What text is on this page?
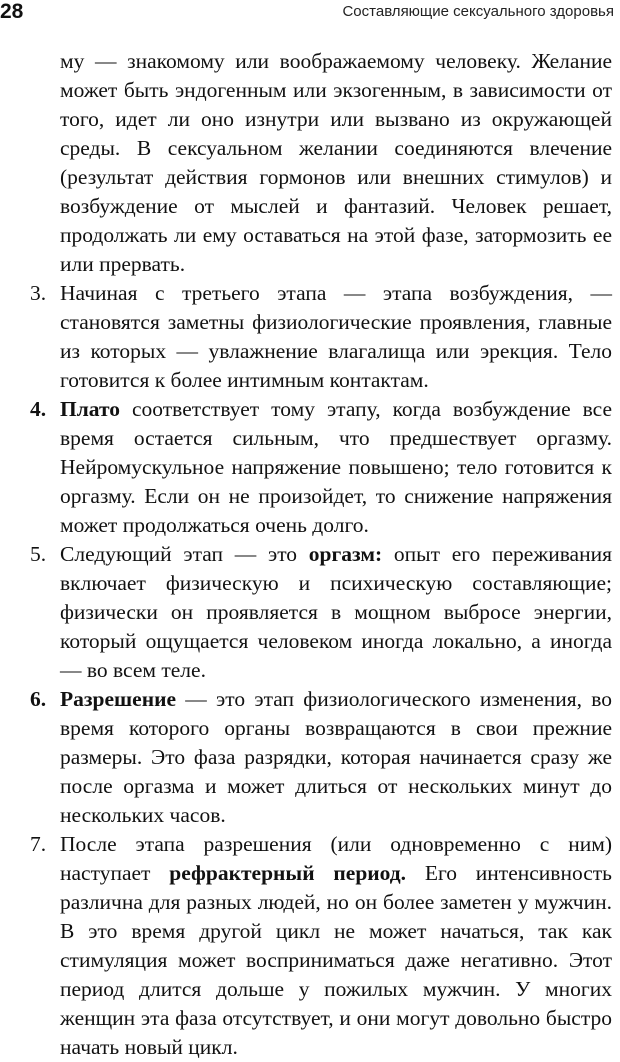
28	Составляющие сексуального здоровья

му — знакомому или воображаемому человеку. Желание может быть эндогенным или экзогенным, в зависимости от того, идет ли оно изнутри или вызвано из окружающей среды. В сексуальном желании соединяются влечение (результат действия гормонов или внешних стимулов) и возбуждение от мыслей и фантазий. Человек решает, продолжать ли ему оставаться на этой фазе, затормозить ее или прервать.

3. Начиная с третьего этапа — этапа возбуждения, — становятся заметны физиологические проявления, главные из которых — увлажнение влагалища или эрекция. Тело готовится к более интимным контактам.

4. Плато соответствует тому этапу, когда возбуждение все время остается сильным, что предшествует оргазму. Нейромускульное напряжение повышено; тело готовится к оргазму. Если он не произойдет, то снижение напряжения может продолжаться очень долго.

5. Следующий этап — это оргазм: опыт его переживания включает физическую и психическую составляющие; физически он проявляется в мощном выбросе энергии, который ощущается человеком иногда локально, а иногда — во всем теле.

6. Разрешение — это этап физиологического изменения, во время которого органы возвращаются в свои прежние размеры. Это фаза разрядки, которая начинается сразу же после оргазма и может длиться от нескольких минут до нескольких часов.

7. После этапа разрешения (или одновременно с ним) наступает рефрактерный период. Его интенсивность различна для разных людей, но он более заметен у мужчин. В это время другой цикл не может начаться, так как стимуляция может восприниматься даже негативно. Этот период длится дольше у пожилых мужчин. У многих женщин эта фаза отсутствует, и они могут довольно быстро начать новый цикл.
